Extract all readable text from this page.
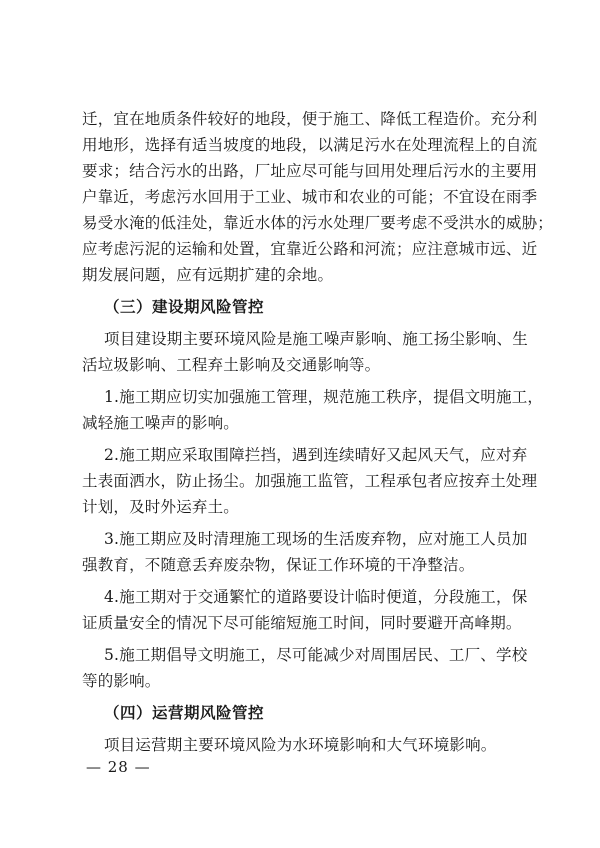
迁，宜在地质条件较好的地段，便于施工、降低工程造价。充分利
用地形，选择有适当坡度的地段，以满足污水在处理流程上的自流
要求；结合污水的出路，厂址应尽可能与回用处理后污水的主要用
户靠近，考虑污水回用于工业、城市和农业的可能；不宜设在雨季
易受水淹的低洼处，靠近水体的污水处理厂要考虑不受洪水的威胁；
应考虑污泥的运输和处置，宜靠近公路和河流；应注意城市远、近
期发展问题，应有远期扩建的余地。
（三）建设期风险管控
项目建设期主要环境风险是施工噪声影响、施工扬尘影响、生
活垃圾影响、工程弃土影响及交通影响等。
1.施工期应切实加强施工管理，规范施工秩序，提倡文明施工，
减轻施工噪声的影响。
2.施工期应采取围障拦挡，遇到连续晴好又起风天气，应对弃
土表面洒水，防止扬尘。加强施工监管，工程承包者应按弃土处理
计划，及时外运弃土。
3.施工期应及时清理施工现场的生活废弃物，应对施工人员加
强教育，不随意丢弃废杂物，保证工作环境的干净整洁。
4.施工期对于交通繁忙的道路要设计临时便道，分段施工，保
证质量安全的情况下尽可能缩短施工时间，同时要避开高峰期。
5.施工期倡导文明施工，尽可能减少对周围居民、工厂、学校
等的影响。
（四）运营期风险管控
项目运营期主要环境风险为水环境影响和大气环境影响。
— 28 —
